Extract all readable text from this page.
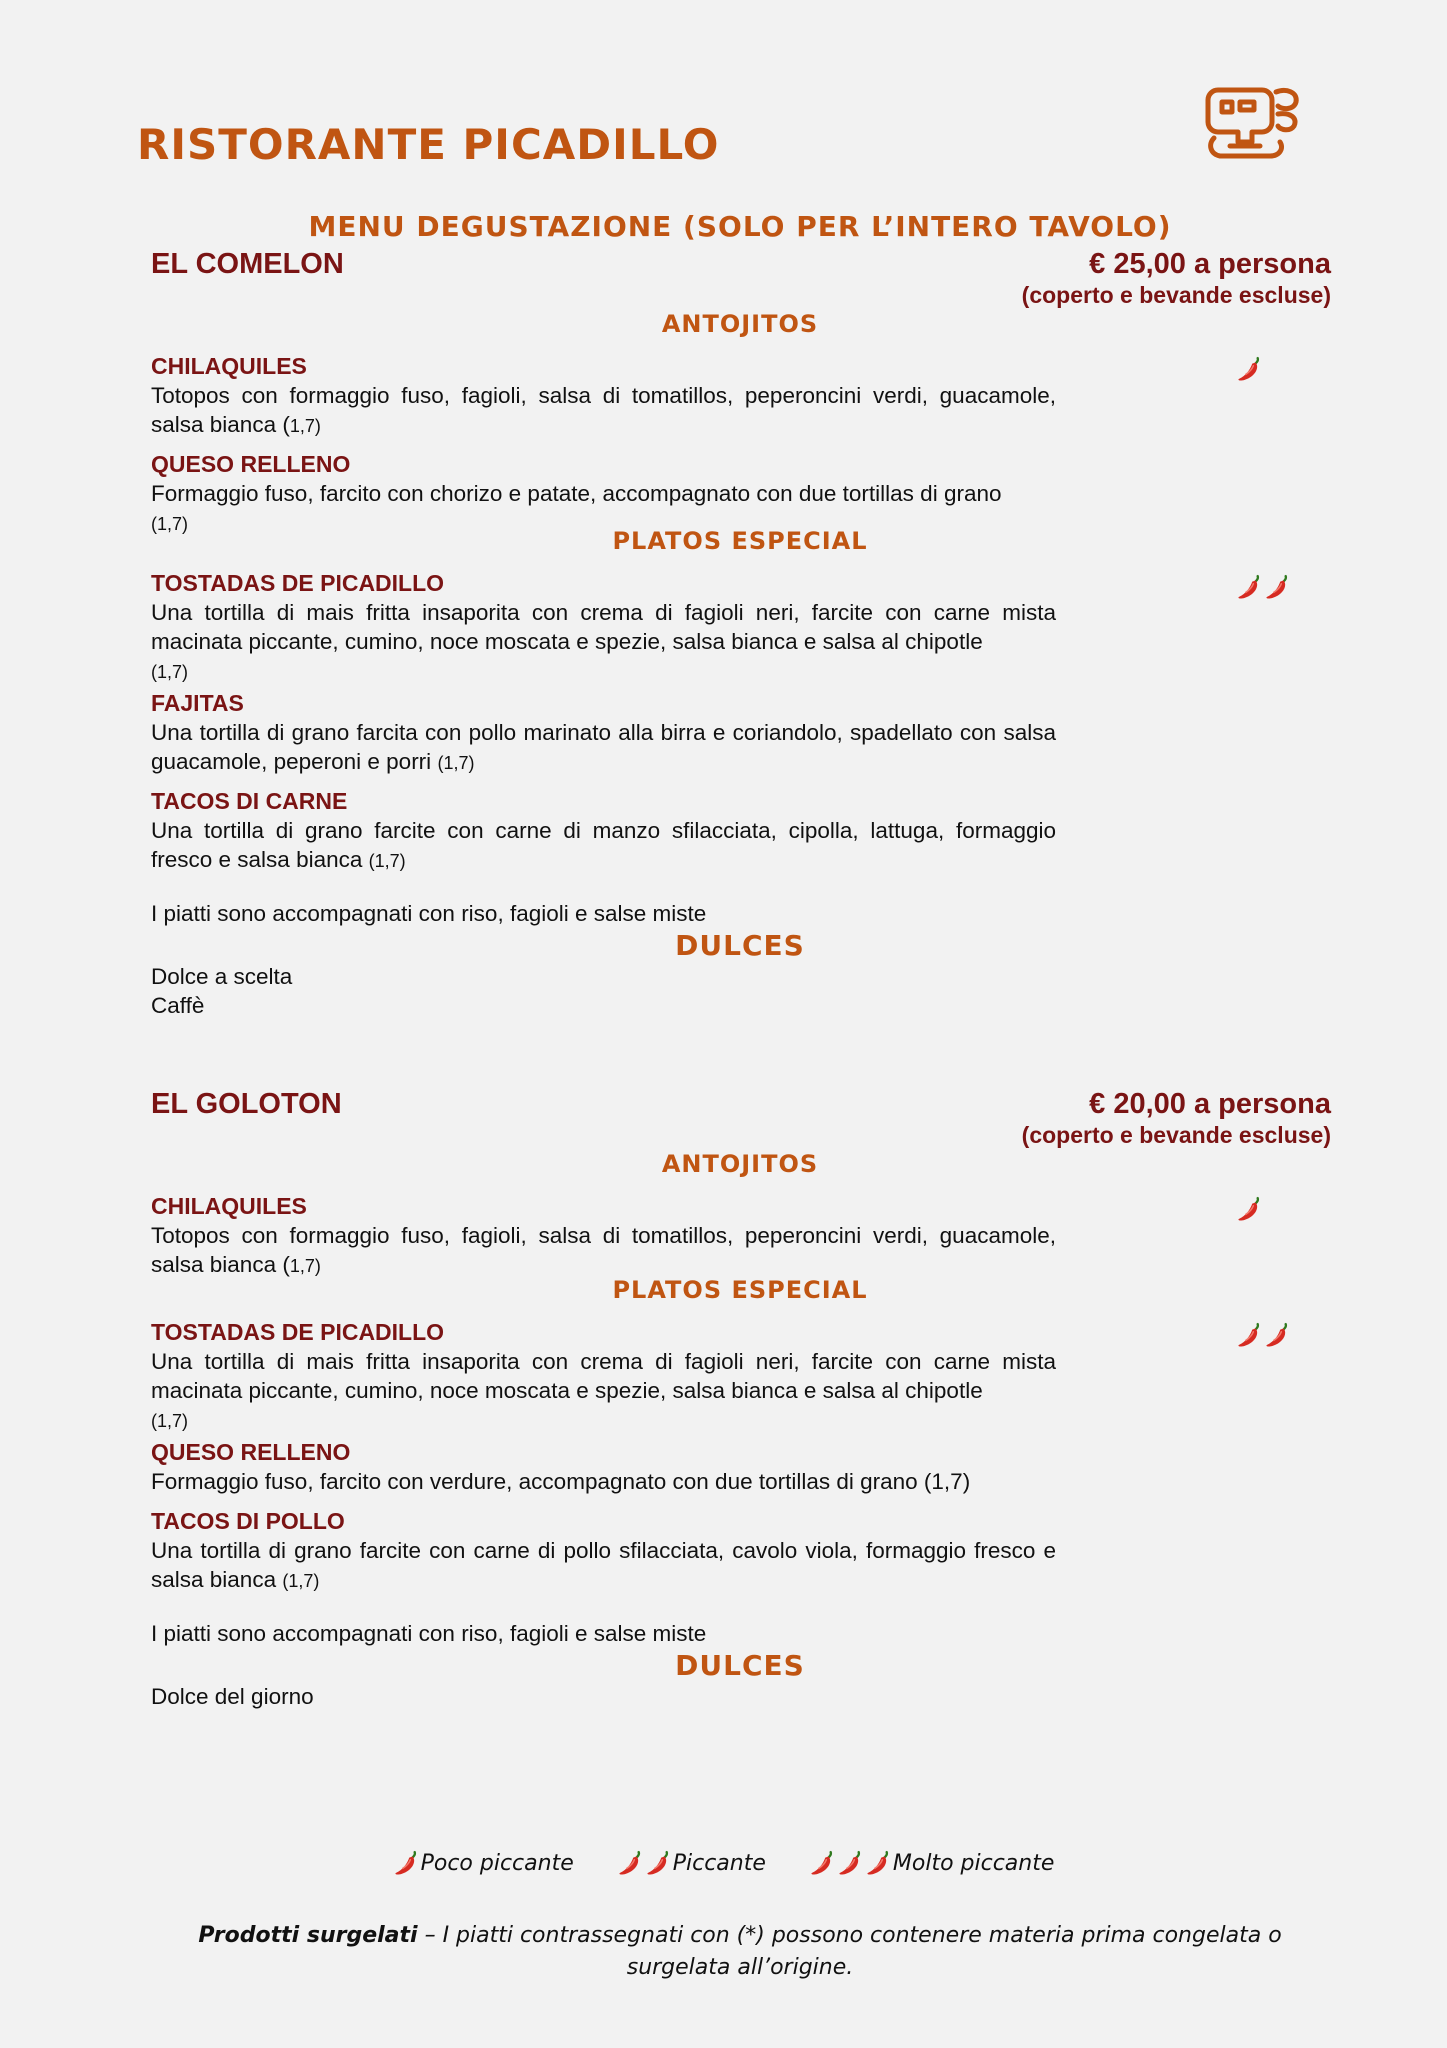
RISTORANTE PICADILLO
MENU DEGUSTAZIONE (SOLO PER L’INTERO TAVOLO)
EL COMELON	€ 25,00 a persona
(coperto e bevande escluse)
ANTOJITOS
CHILAQUILES
Totopos con formaggio fuso, fagioli, salsa di tomatillos, peperoncini verdi, guacamole, salsa bianca (1,7)
QUESO RELLENO
Formaggio fuso, farcito con chorizo e patate, accompagnato con due tortillas di grano
(1,7)
PLATOS ESPECIAL
TOSTADAS DE PICADILLO
Una tortilla di mais fritta insaporita con crema di fagioli neri, farcite con carne mista macinata piccante, cumino, noce moscata e spezie, salsa bianca e salsa al chipotle
(1,7)
FAJITAS
Una tortilla di grano farcita con pollo marinato alla birra e coriandolo, spadellato con salsa guacamole, peperoni e porri (1,7)
TACOS DI CARNE
Una tortilla di grano farcite con carne di manzo sfilacciata, cipolla, lattuga, formaggio fresco e salsa bianca (1,7)
I piatti sono accompagnati con riso, fagioli e salse miste
DULCES
Dolce a scelta
Caffè
EL GOLOTON	€ 20,00 a persona
(coperto e bevande escluse)
ANTOJITOS
CHILAQUILES
Totopos con formaggio fuso, fagioli, salsa di tomatillos, peperoncini verdi, guacamole, salsa bianca (1,7)
PLATOS ESPECIAL
TOSTADAS DE PICADILLO
Una tortilla di mais fritta insaporita con crema di fagioli neri, farcite con carne mista macinata piccante, cumino, noce moscata e spezie, salsa bianca e salsa al chipotle
(1,7)
QUESO RELLENO
Formaggio fuso, farcito con verdure, accompagnato con due tortillas di grano (1,7)
TACOS DI POLLO
Una tortilla di grano farcite con carne di pollo sfilacciata, cavolo viola, formaggio fresco e salsa bianca (1,7)
I piatti sono accompagnati con riso, fagioli e salse miste
DULCES
Dolce del giorno
Poco piccante
	Piccante
	Molto piccante
Prodotti surgelati – I piatti contrassegnati con (*) possono contenere materia prima congelata o surgelata all’origine.
